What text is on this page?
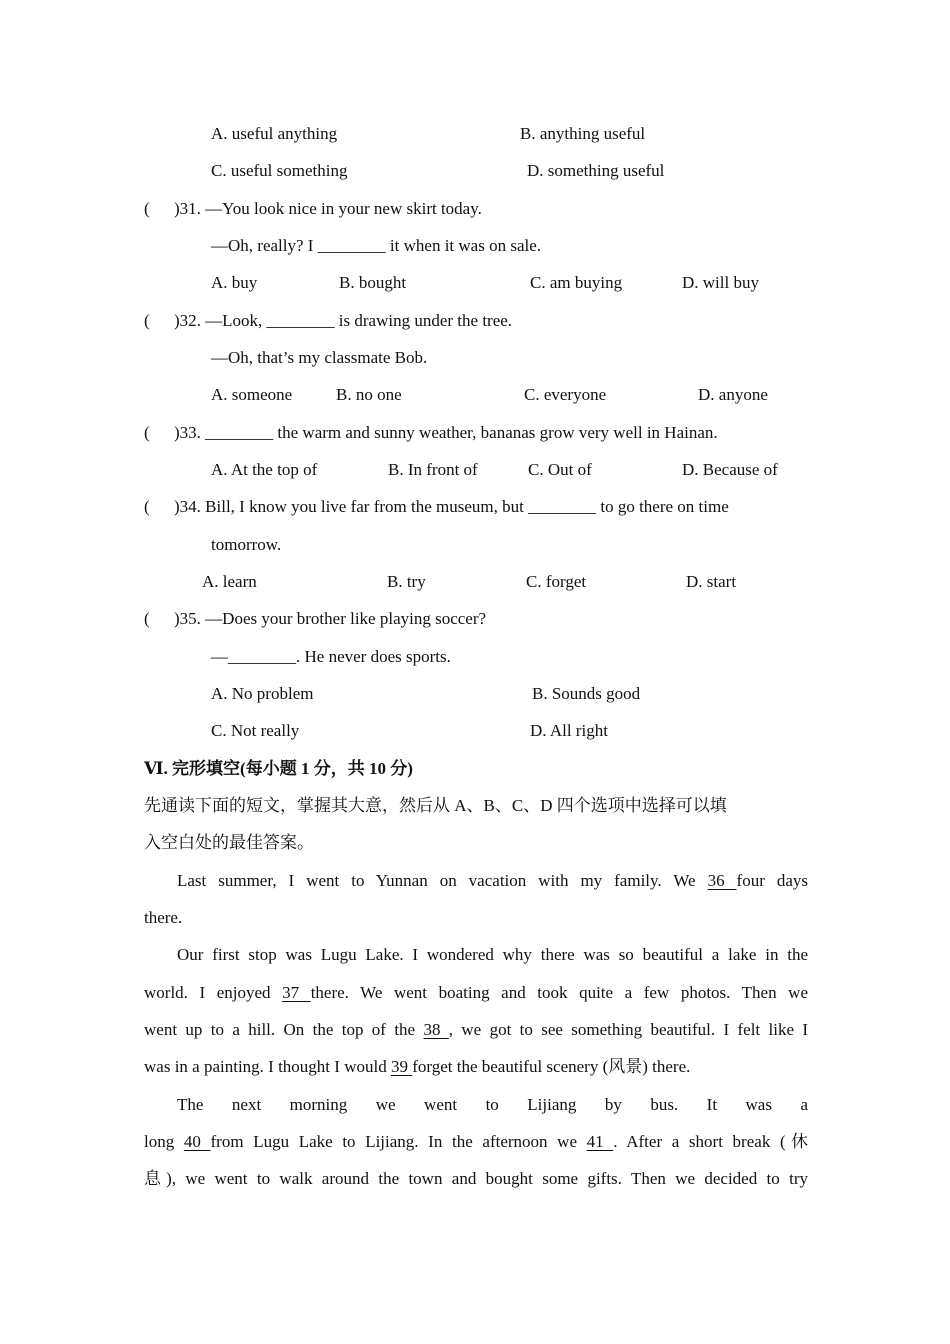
A. useful anything	B. anything useful
C. useful something	D. something useful
( )31. —You look nice in your new skirt today.
—Oh, really? I ________ it when it was on sale.
A. buy	B. bought	C. am buying	D. will buy
( )32. —Look, ________ is drawing under the tree.
—Oh, that’s my classmate Bob.
A. someone	B. no one	C. everyone	D. anyone
( )33. ________ the warm and sunny weather, bananas grow very well in Hainan.
A. At the top of	B. In front of	C. Out of	D. Because of
( )34. Bill, I know you live far from the museum, but ________ to go there on time
tomorrow.
A. learn	B. try	C. forget	D. start
( )35. —Does your brother like playing soccer?
—________. He never does sports.
A. No problem	B. Sounds good
C. Not really	D. All right
Ⅵ. 完形填空(每小题 1 分，共 10 分)
先通读下面的短文，掌握其大意，然后从 A、B、C、D 四个选项中选择可以填
入空白处的最佳答案。
Last summer, I went to Yunnan on vacation with my family. We 36 four days
there.
Our first stop was Lugu Lake. I wondered why there was so beautiful a lake in the
world. I enjoyed 37 there. We went boating and took quite a few photos. Then we
went up to a hill. On the top of the 38 , we got to see something beautiful. I felt like I
was in a painting. I thought I would 39 forget the beautiful scenery (风景) there.
The next morning we went to Lijiang by bus. It was a
long 40 from Lugu Lake to Lijiang. In the afternoon we 41 . After a short break (休
息), we went to walk around the town and bought some gifts. Then we decided to try
